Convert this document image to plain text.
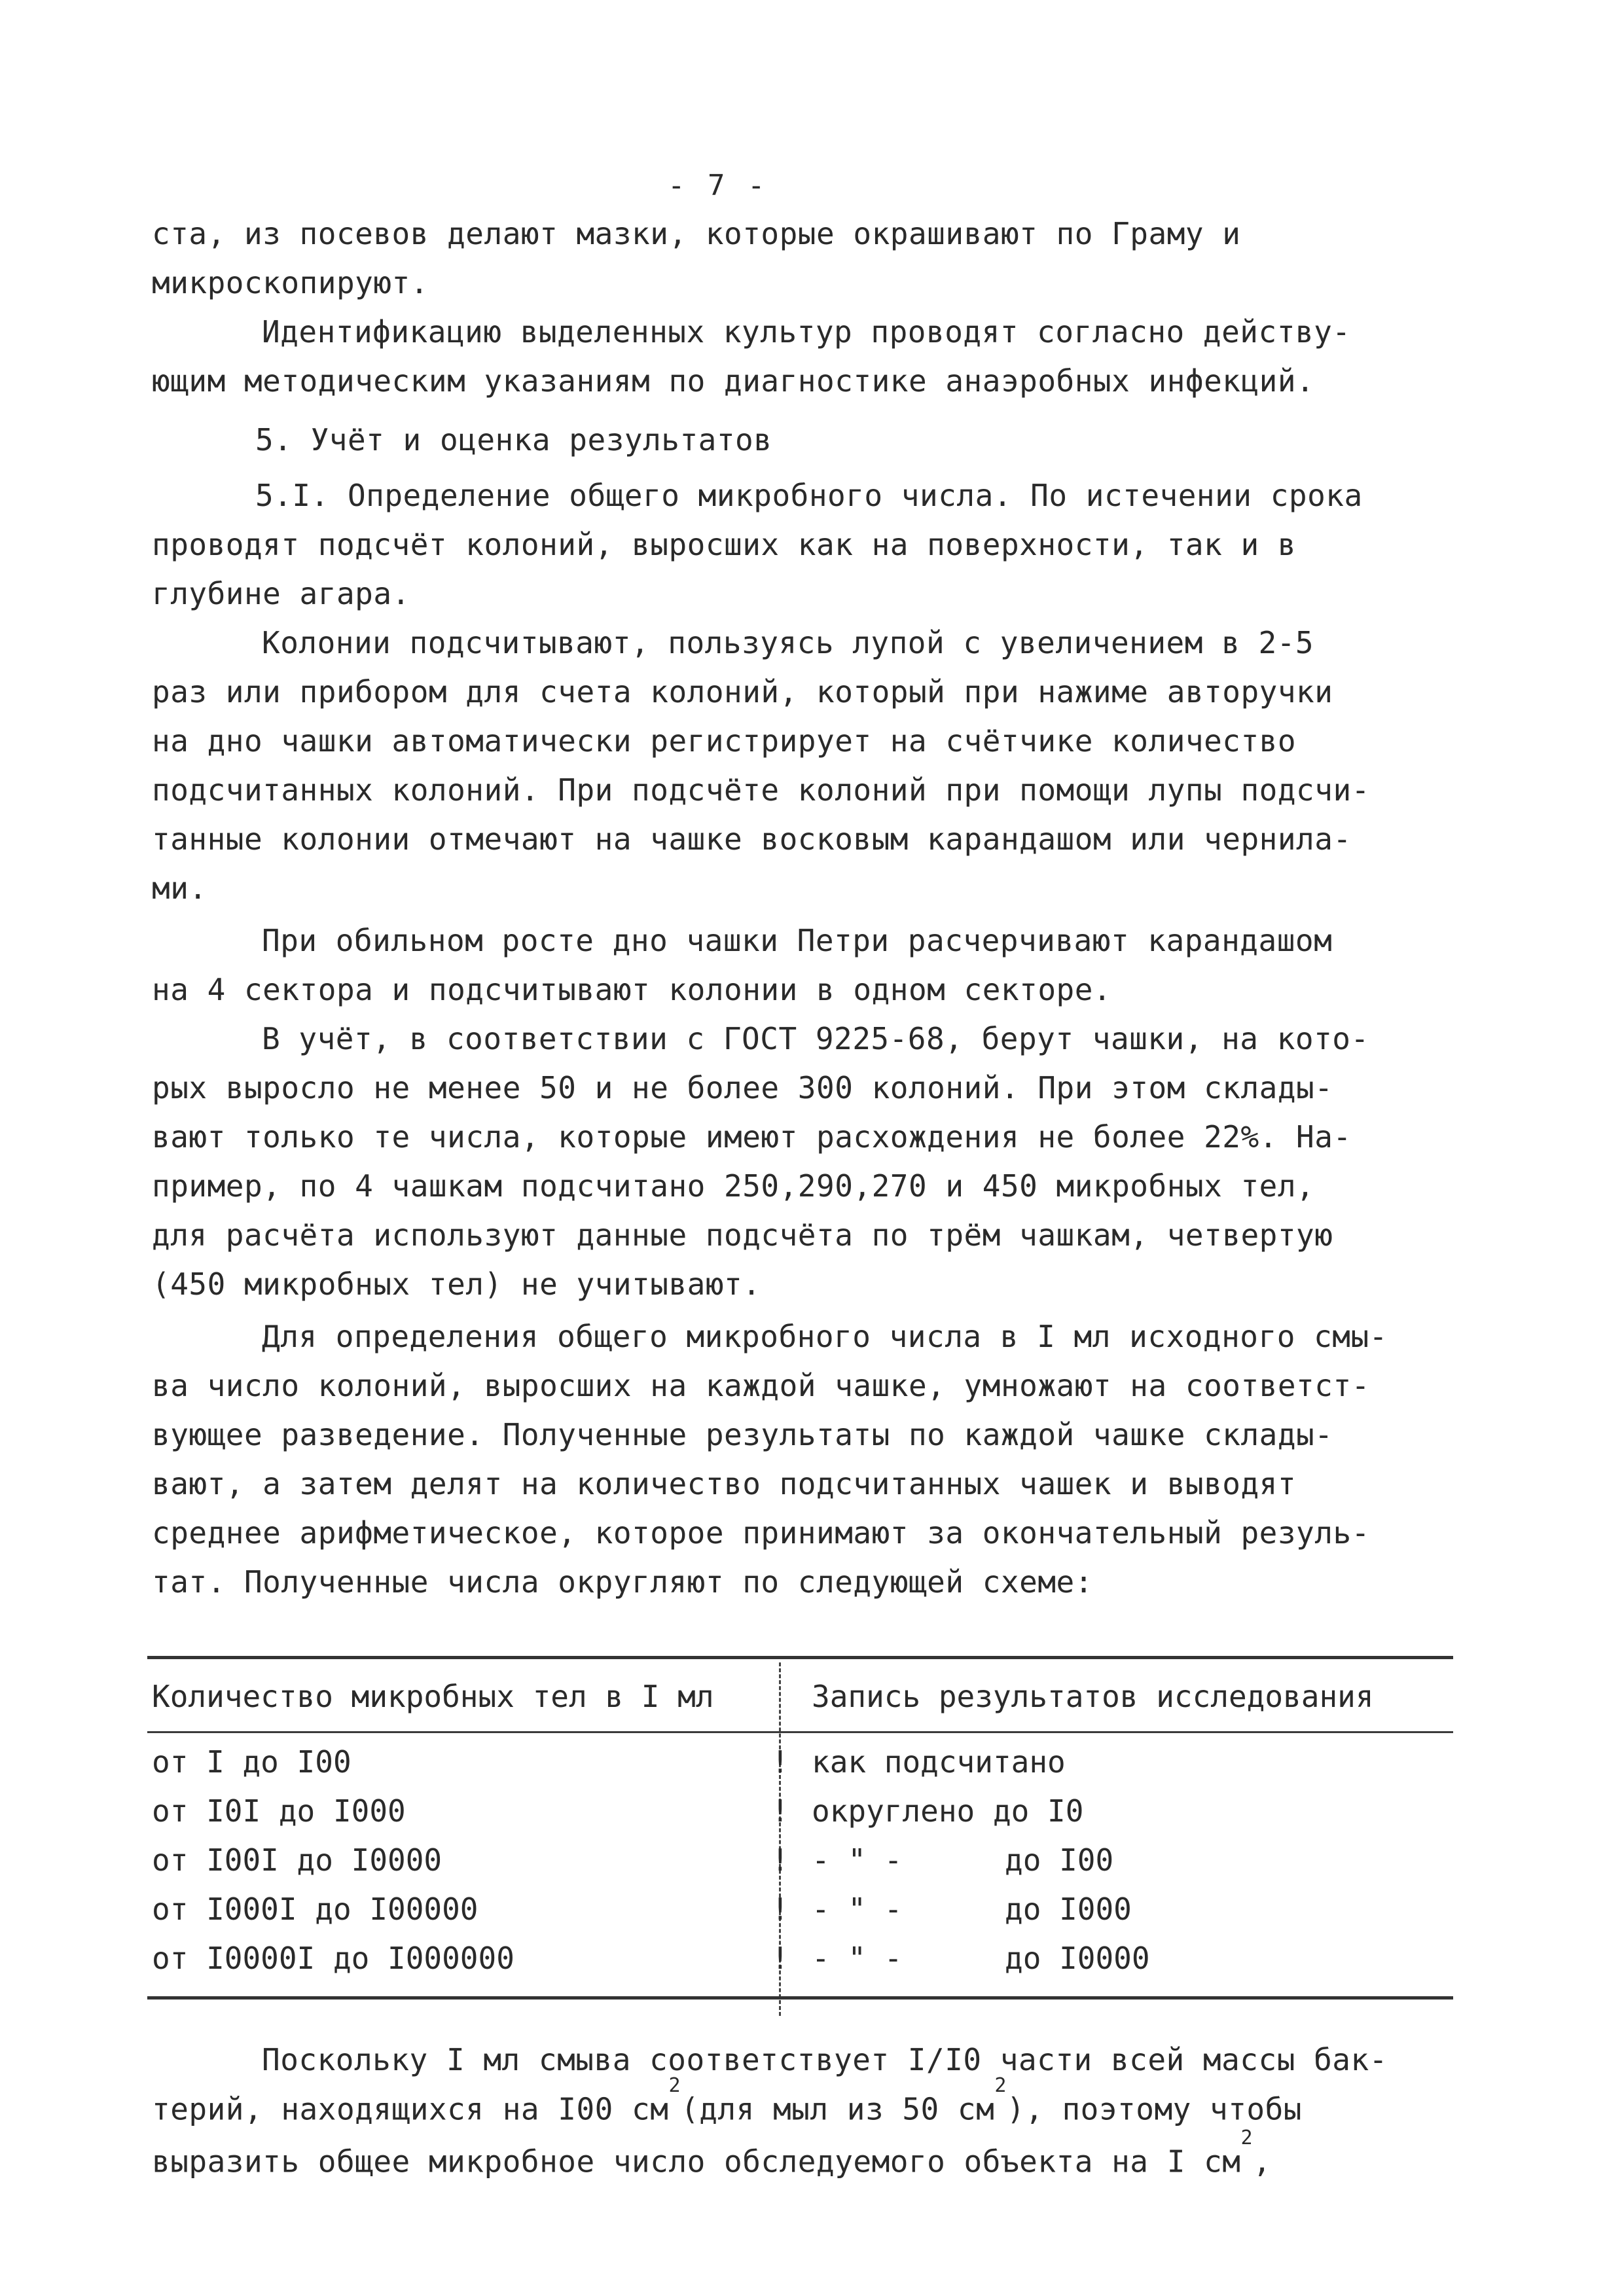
- 7 -
ста, из посевов делают мазки, которые окрашивают по Граму и
микроскопируют.
Идентификацию выделенных культур проводят согласно действу-
ющим методическим указаниям по диагностике анаэробных инфекций.
5. Учёт и оценка результатов
5.I. Определение общего микробного числа. По истечении срока
проводят подсчёт колоний, выросших как на поверхности, так и в
глубине агара.
Колонии подсчитывают, пользуясь лупой с увеличением в 2-5
раз или прибором для счета колоний, который при нажиме авторучки
на дно чашки автоматически регистрирует на счётчике количество
подсчитанных колоний. При подсчёте колоний при помощи лупы подсчи-
танные колонии отмечают на чашке восковым карандашом или чернила-
ми.
При обильном росте дно чашки Петри расчерчивают карандашом
на 4 сектора и подсчитывают колонии в одном секторе.
В учёт, в соответствии с ГОСТ 9225-68, берут чашки, на кото-
рых выросло не менее 50 и не более 300 колоний. При этом склады-
вают только те числа, которые имеют расхождения не более 22%. На-
пример, по 4 чашкам подсчитано 250,290,270 и 450 микробных тел,
для расчёта используют данные подсчёта по трём чашкам, четвертую
(450 микробных тел) не учитывают.
Для определения общего микробного числа в I мл исходного смы-
ва число колоний, выросших на каждой чашке, умножают на соответст-
вующее разведение. Полученные результаты по каждой чашке склады-
вают, а затем делят на количество подсчитанных чашек и выводят
среднее арифметическое, которое принимают за окончательный резуль-
тат. Полученные числа округляют по следующей схеме:
Количество микробных тел в I мл	Запись результатов исследования
от I до I00	! как подсчитано
от I0I до I000	! округлено до I0
от I00I до I0000	! - " -	до I00
от I000I до I00000	! - " -	до I000
от I0000I до I000000	! - " -	до I0000
Поскольку I мл смыва соответствует I/I0 части всей массы бак-
терий, находящихся на I00 $см^2(для$ мыл из 50 $см^2$), поэтому чтобы
выразить общее микробное число обследуемого объекта на I $см^2$,
